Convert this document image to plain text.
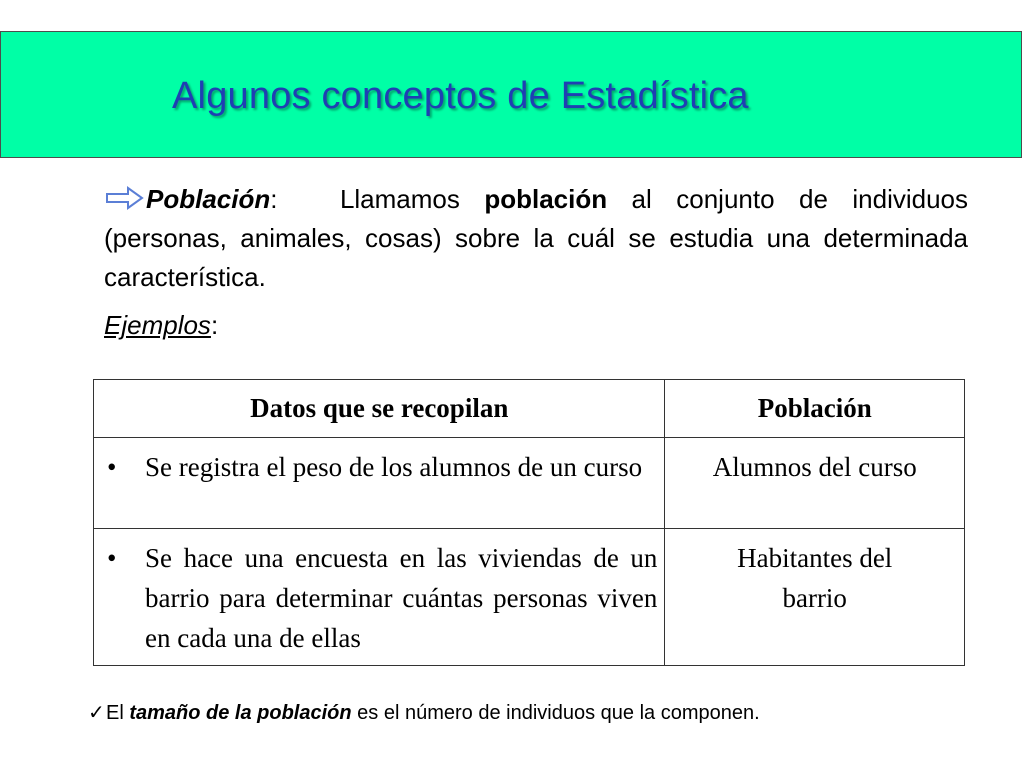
Algunos conceptos de Estadística
Población: Llamamos población al conjunto de individuos (personas, animales, cosas) sobre la cuál se estudia una determinada característica.
Ejemplos:
Datos que se recopilan	Población

• Se registra el peso de los alumnos de un curso	Alumnos del curso

• Se hace una encuesta en las viviendas de un barrio para determinar cuántas personas viven en cada una de ellas	Habitantes del barrio
✓El tamaño de la población es el número de individuos que la componen.
